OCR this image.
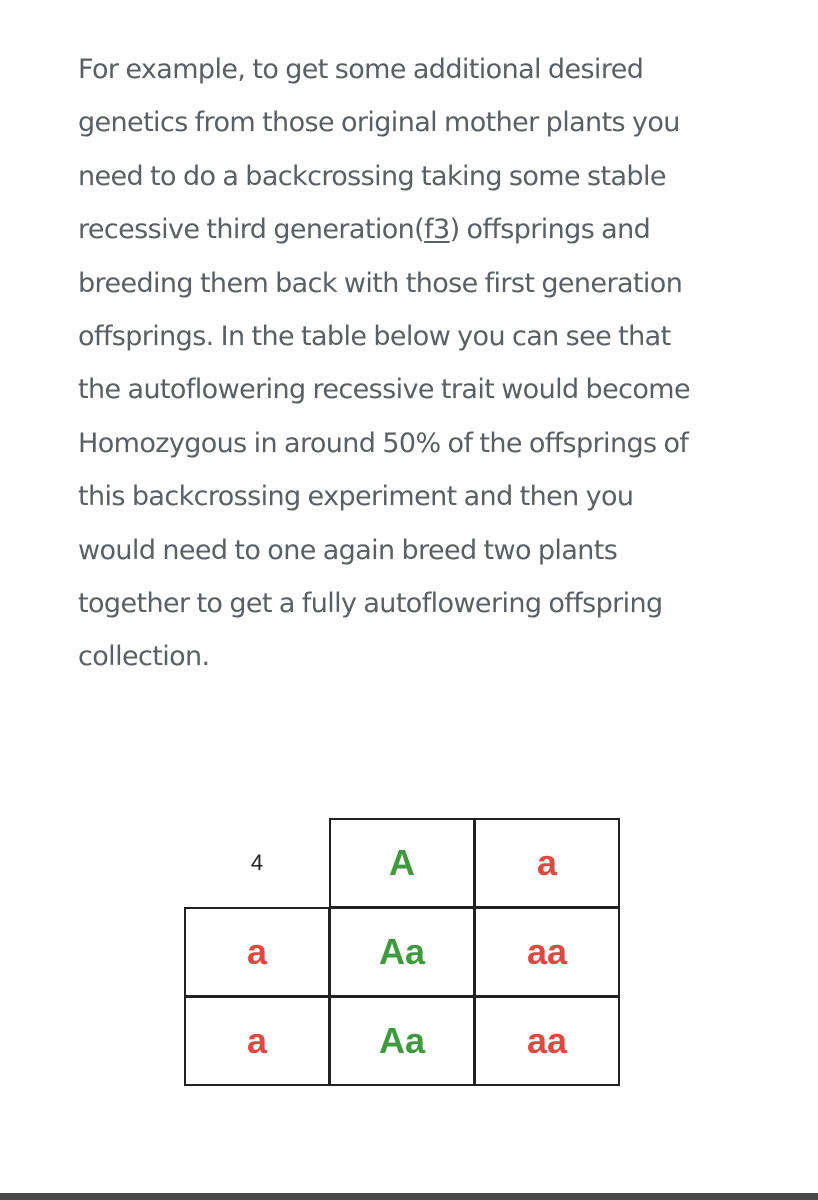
For example, to get some additional desired
genetics from those original mother plants you
need to do a backcrossing taking some stable
recessive third generation(f3) offsprings and
breeding them back with those first generation
offsprings. In the table below you can see that
the autoflowering recessive trait would become
Homozygous in around 50% of the offsprings of
this backcrossing experiment and then you
would need to one again breed two plants
together to get a fully autoflowering offspring
collection.

4	A	a
a	Aa	aa
a	Aa	aa
